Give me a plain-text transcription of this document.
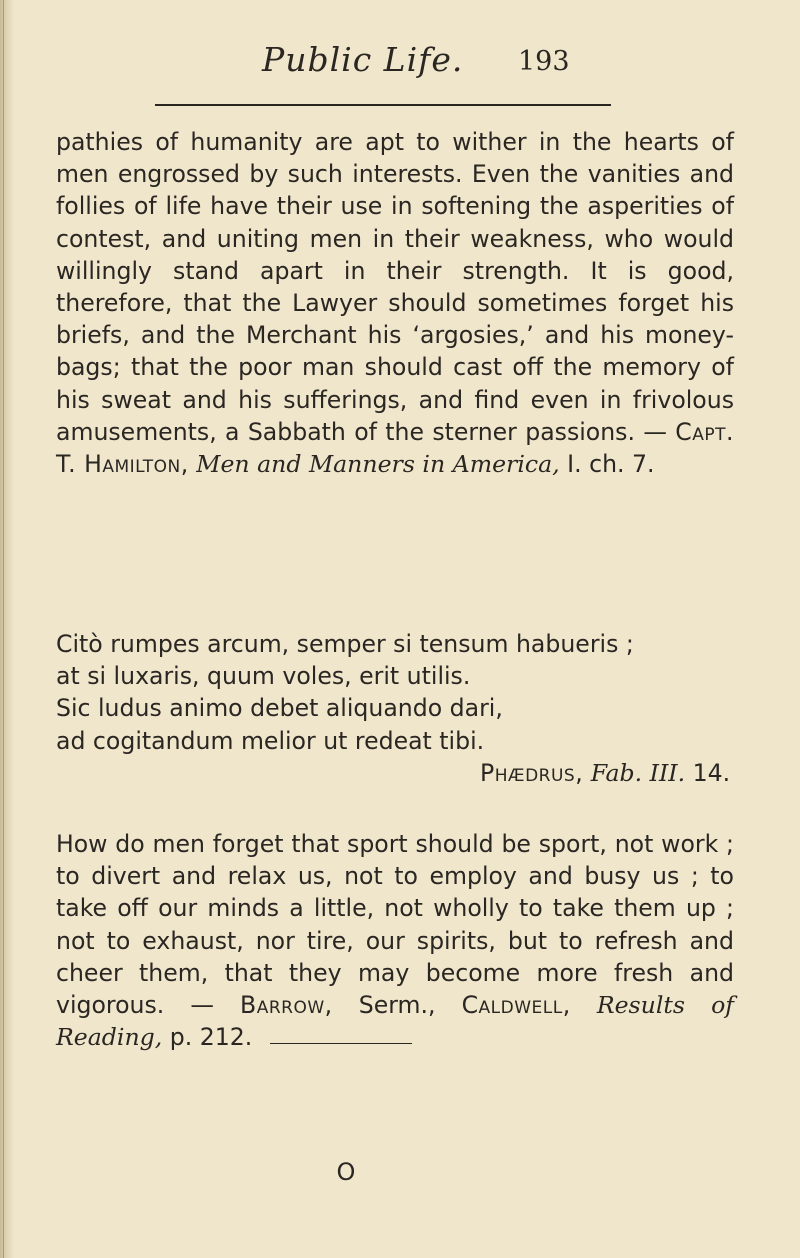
Public Life. 193

pathies of humanity are apt to wither in the hearts of men engrossed by such interests. Even the vanities and follies of life have their use in softening the asperities of contest, and uniting men in their weakness, who would willingly stand apart in their strength. It is good, therefore, that the Lawyer should sometimes forget his briefs, and the Merchant his ‘argosies,’ and his money-bags; that the poor man should cast off the memory of his sweat and his sufferings, and find even in frivolous amusements, a Sabbath of the sterner passions. — Capt. T. Hamilton, Men and Manners in America, I. ch. 7.

Citò rumpes arcum, semper si tensum habueris ;
at si luxaris, quum voles, erit utilis.
Sic ludus animo debet aliquando dari,
ad cogitandum melior ut redeat tibi.
Phædrus, Fab. III. 14.

How do men forget that sport should be sport, not work ; to divert and relax us, not to employ and busy us ; to take off our minds a little, not wholly to take them up ; not to exhaust, nor tire, our spirits, but to refresh and cheer them, that they may become more fresh and vigorous. — Barrow, Serm., Caldwell, Results of Reading, p. 212.

O
